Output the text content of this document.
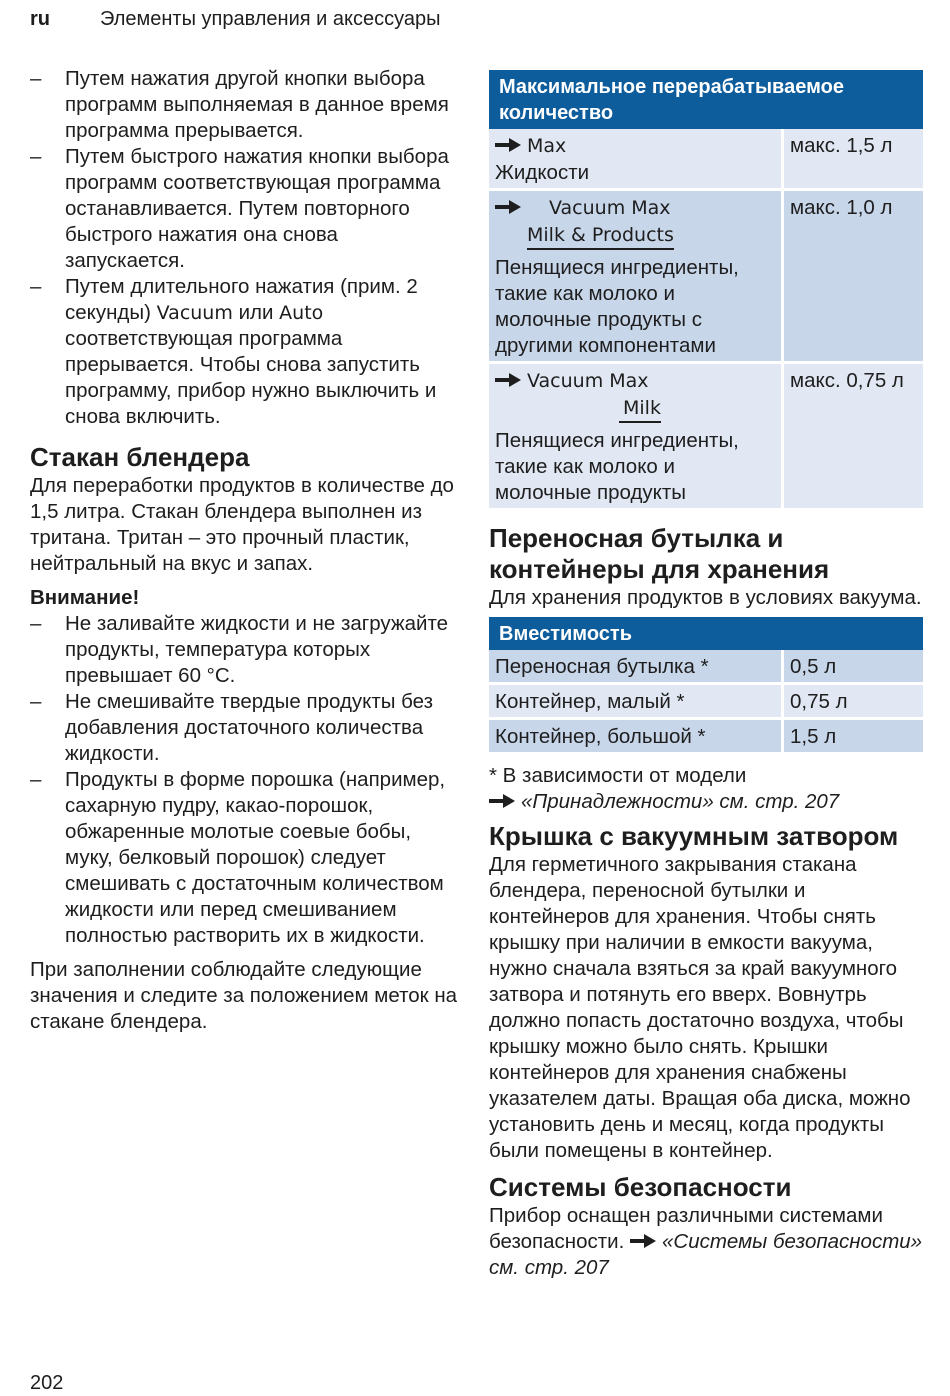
ru	Элементы управления и аксессуары
– Путем нажатия другой кнопки выбора программ выполняемая в данное время программа прерывается.
– Путем быстрого нажатия кнопки выбора программ соответствующая программа останавливается. Путем повторного быстрого нажатия она снова запускается.
– Путем длительного нажатия (прим. 2 секунды) Vacuum или Auto соответствующая программа прерывается. Чтобы снова запустить программу, прибор нужно выключить и снова включить.
Стакан блендера

Для переработки продуктов в количестве до 1,5 литра. Стакан блендера выполнен из тритана. Тритан – это прочный пластик, нейтральный на вкус и запах.

Внимание!

– Не заливайте жидкости и не загружайте продукты, температура которых превышает 60 °С.
– Не смешивайте твердые продукты без добавления достаточного количества жидкости.
– Продукты в форме порошка (например, сахарную пудру, какао-порошок, обжаренные молотые соевые бобы, муку, белковый порошок) следует смешивать с достаточным количеством жидкости или перед смешиванием полностью растворить их в жидкости.

При заполнении соблюдайте следующие значения и следите за положением меток на стакане блендера.

Максимальное перерабатываемое количество	

Max
Жидкости	макс. 1,5 л

Vacuum Max
Milk & Products
Пенящиеся ингредиенты, такие как молоко и молочные продукты с другими компонентами	макс. 1,0 л

Vacuum Max
Milk
Пенящиеся ингредиенты, такие как молоко и молочные продукты	макс. 0,75 л
Переносная бутылка и контейнеры для хранения

Для хранения продуктов в условиях вакуума.

Вместимость	
Переносная бутылка *	0,5 л
Контейнер, малый *	0,75 л
Контейнер, большой *	1,5 л

* В зависимости от модели

«Принадлежности» см. стр. 207

Крышка с вакуумным затвором

Для герметичного закрывания стакана блендера, переносной бутылки и контейнеров для хранения. Чтобы снять крышку при наличии в емкости вакуума, нужно сначала взяться за край вакуумного затвора и потянуть его вверх. Вовнутрь должно попасть достаточно воздуха, чтобы крышку можно было снять. Крышки контейнеров для хранения снабжены указателем даты. Вращая оба диска, можно установить день и месяц, когда продукты были помещены в контейнер.

Системы безопасности

Прибор оснащен различными системами безопасности. «Системы безопасности» см. стр. 207

202
